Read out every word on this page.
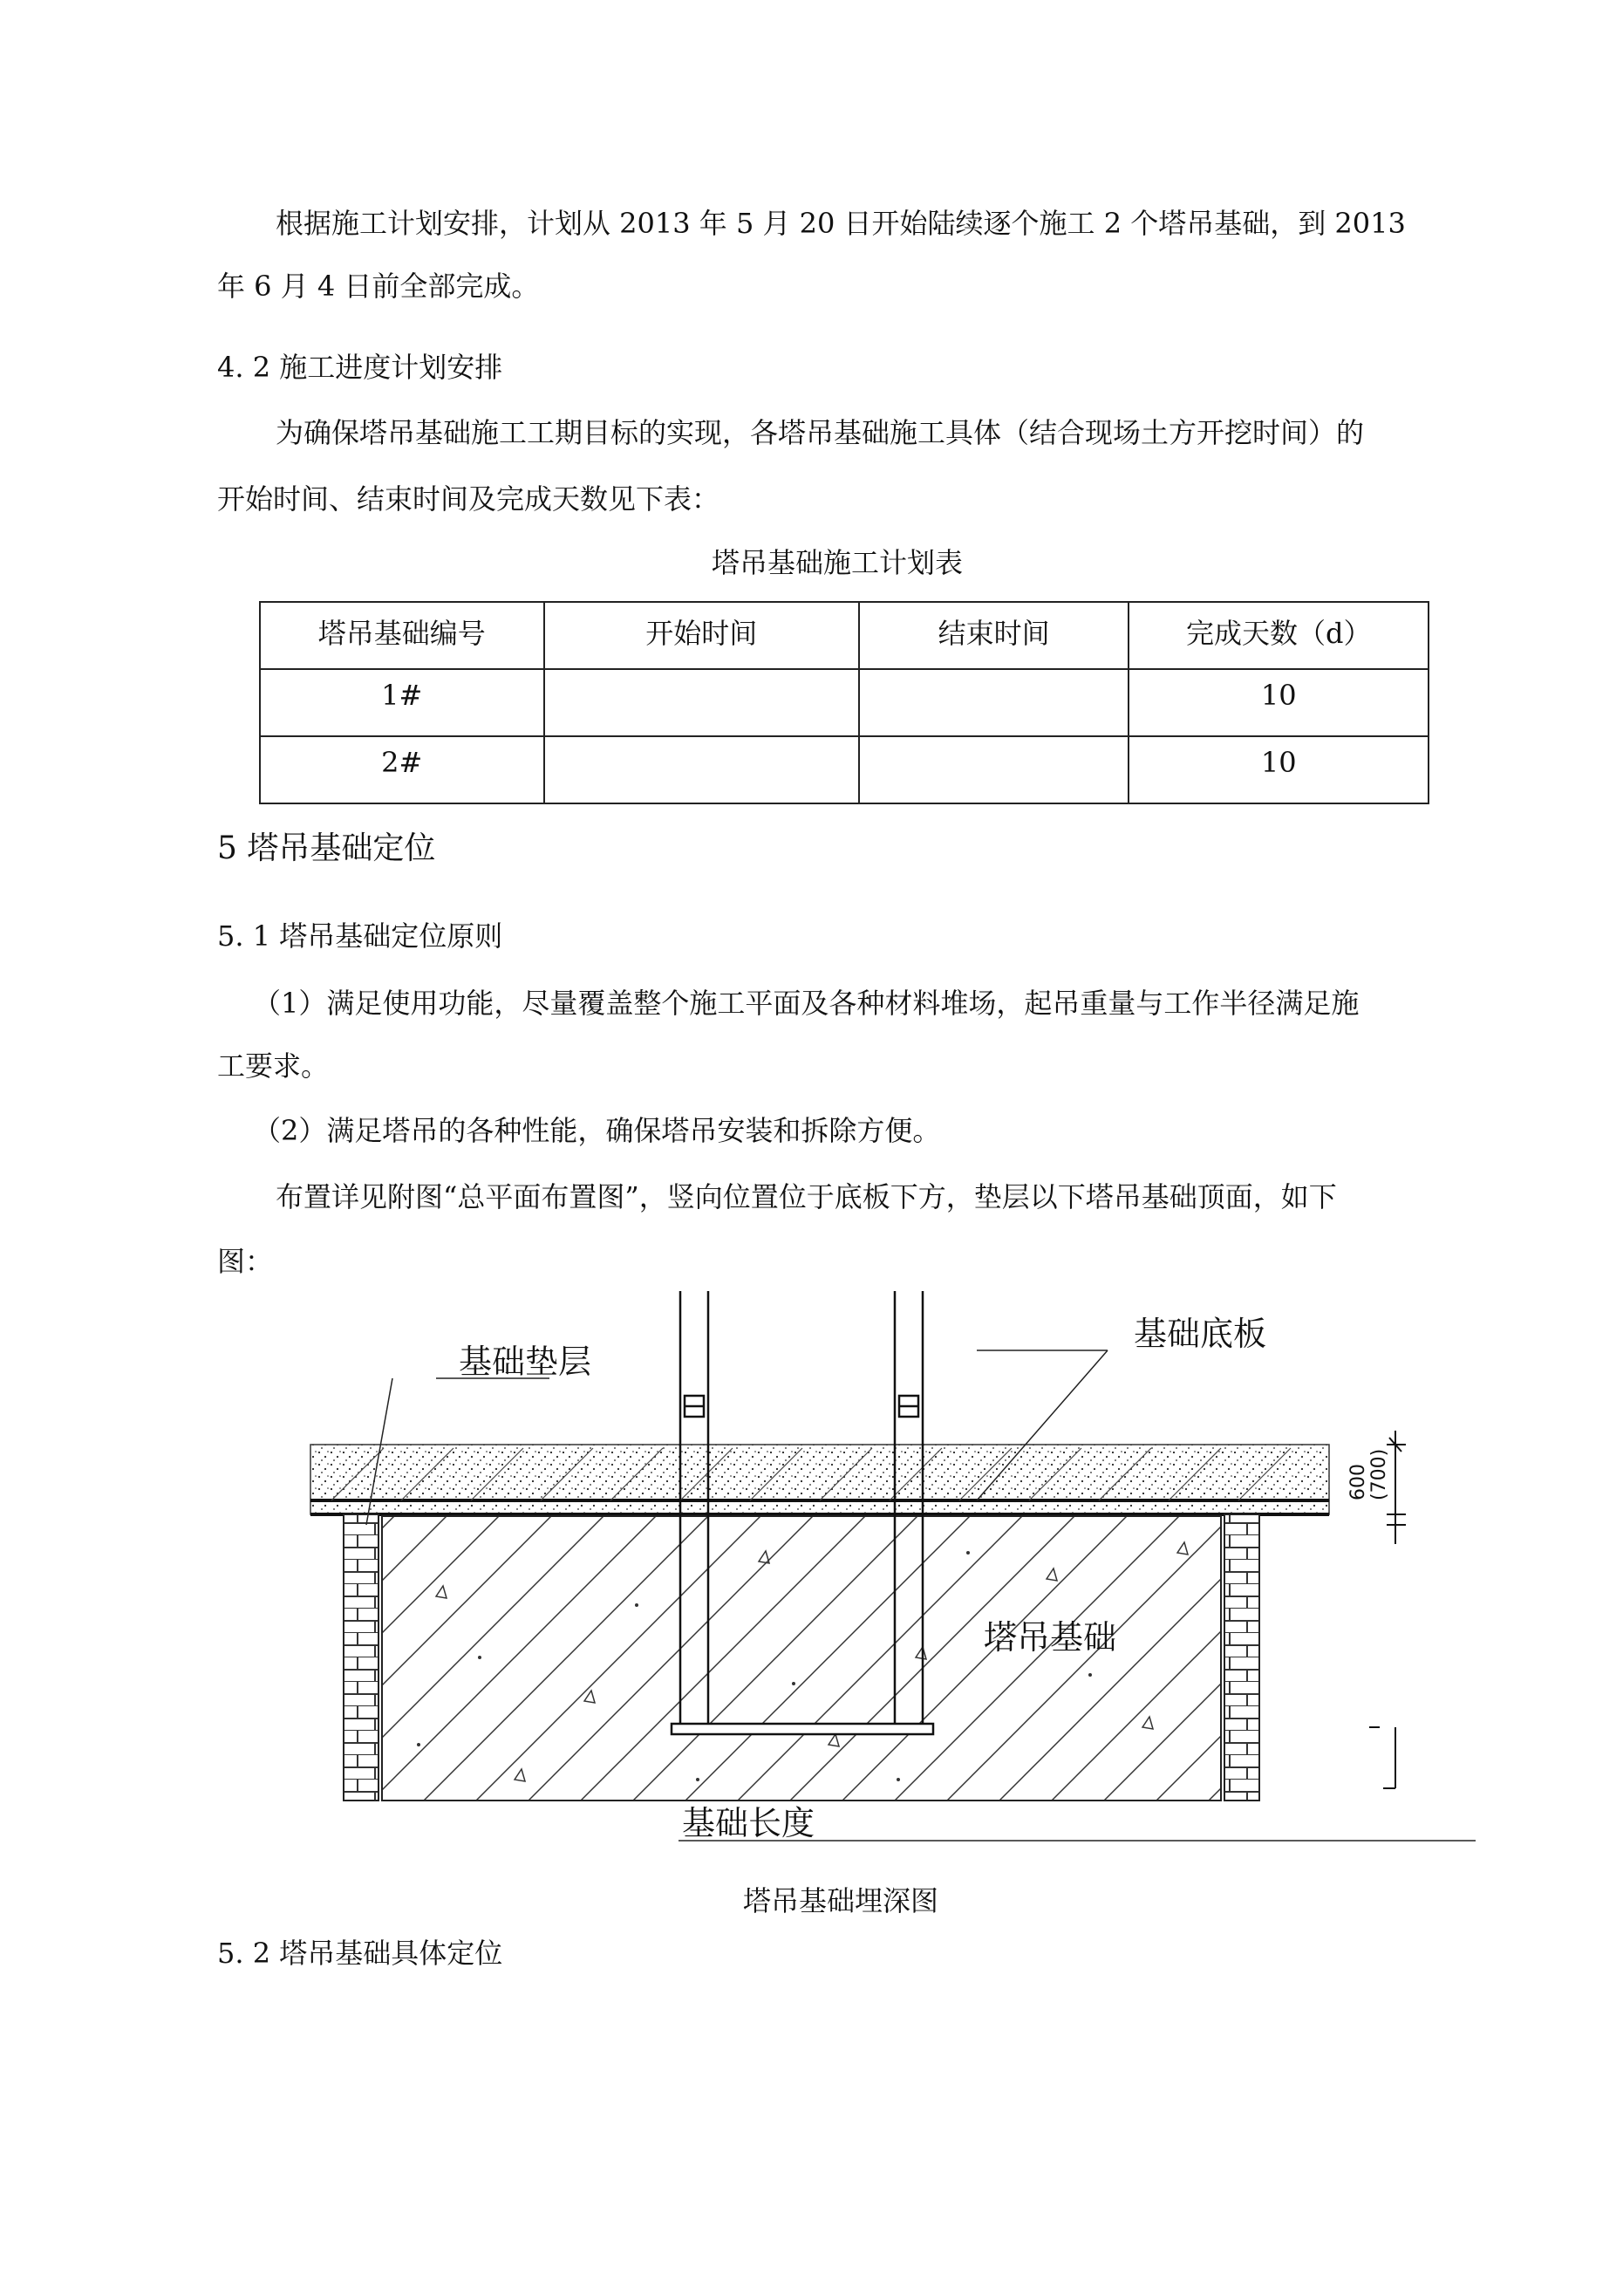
根据施工计划安排，计划从 2013 年 5 月 20 日开始陆续逐个施工 2 个塔吊基础，到 2013
年 6 月 4 日前全部完成。
4. 2 施工进度计划安排
为确保塔吊基础施工工期目标的实现，各塔吊基础施工具体（结合现场土方开挖时间）的
开始时间、结束时间及完成天数见下表：
塔吊基础施工计划表
塔吊基础编号	开始时间	结束时间	完成天数（d）
1#			10
2#			10
5 塔吊基础定位
5. 1 塔吊基础定位原则
（1）满足使用功能，尽量覆盖整个施工平面及各种材料堆场，起吊重量与工作半径满足施
工要求。
（2）满足塔吊的各种性能，确保塔吊安装和拆除方便。
布置详见附图“总平面布置图”，竖向位置位于底板下方，垫层以下塔吊基础顶面，如下
图：
基础底板
基础垫层
塔吊基础
基础长度
600 (700)
塔吊基础埋深图
5. 2 塔吊基础具体定位
